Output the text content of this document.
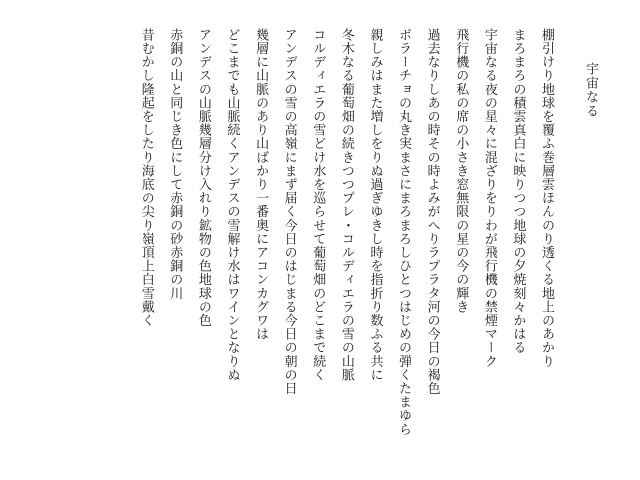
宇宙なる
棚引けり地球を覆ふ巻層雲ほんのり透くる地上のあかり
まろまろの積雲真白に映りつつ地球の夕焼刻々かはる
宇宙なる夜の星々に混ざりをりわが飛行機の禁煙マーク
飛行機の私の席の小さき窓無限の星の今の輝き
過去なりしあの時その時よみがへりラプラタ河の今日の褐色
ボラーチョの丸き実まさにまろまろしひとつはじめの弾くたまゆら
親しみはまた増しをりぬ過ぎゆきし時を指折り数ふる共に
冬木なる葡萄畑の続きつつプレ・コルディエラの雪の山脈
コルディエラの雪どけ水を巡らせて葡萄畑のどこまで続く
アンデスの雪の高嶺にまず届く今日のはじまる今日の朝の日
幾層に山脈のあり山ばかり一番奥にアコンカグワは
どこまでも山脈続くアンデスの雪解け水はワインとなりぬ
アンデスの山脈幾層分け入れり鉱物の色地球の色
赤銅の山と同じき色にして赤銅の砂赤銅の川
昔むかし隆起をしたり海底の尖り嶺頂上白雪戴く
